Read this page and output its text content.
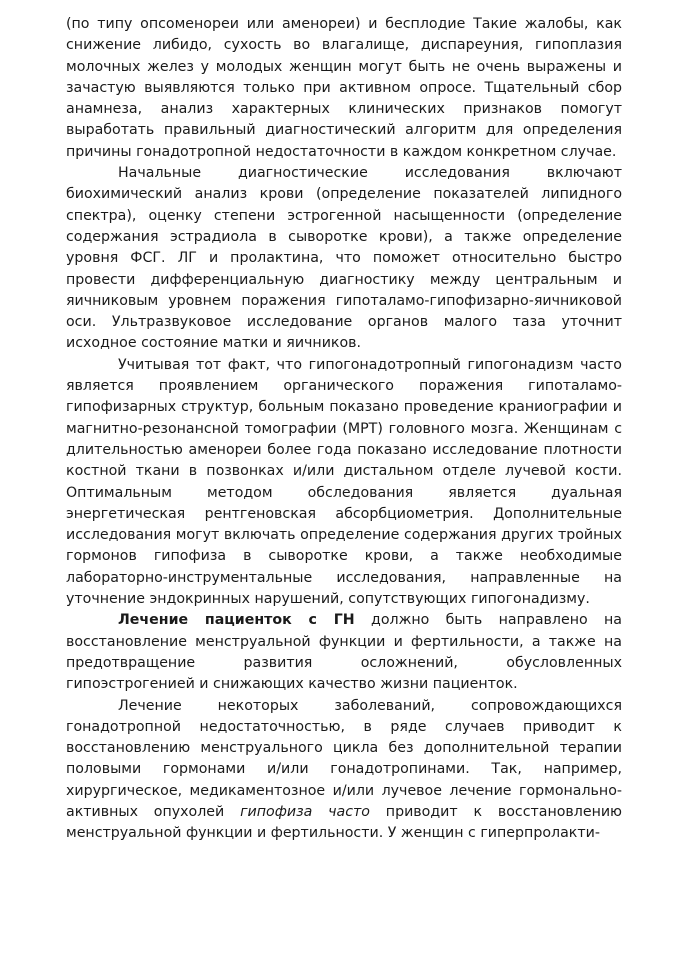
(по типу опсоменореи или аменореи) и бесплодие Такие жалобы, как снижение либидо, сухость во влагалище, диспареуния, гипоплазия молочных желез у молодых женщин могут быть не очень выражены и зачастую выявляются только при активном опросе. Тщательный сбор анамнеза, анализ характерных клинических признаков помогут выработать правильный диагностический алгоритм для определения причины гонадотропной недостаточности в каждом конкретном случае.

Начальные диагностические исследования включают биохимический анализ крови (определение показателей липидного спектра), оценку степени эстрогенной насыщенности (определение содержания эстрадиола в сыворотке крови), а также определение уровня ФСГ. ЛГ и пролактина, что поможет относительно быстро провести дифференциальную диагностику между центральным и яичниковым уровнем поражения гипоталамо-гипофизарно-яичниковой оси. Ультразвуковое исследование органов малого таза уточнит исходное состояние матки и яичников.

Учитывая тот факт, что гипогонадотропный гипогонадизм часто является проявлением органического поражения гипоталамо-гипофизарных структур, больным показано проведение краниографии и магнитно-резонансной томографии (МРТ) головного мозга. Женщинам с длительностью аменореи более года показано исследование плотности костной ткани в позвонках и/или дистальном отделе лучевой кости. Оптимальным методом обследования является дуальная энергетическая рентгеновская абсорбциометрия. Дополнительные исследования могут включать определение содержания других тройных гормонов гипофиза в сыворотке крови, а также необходимые лабораторно-инструментальные исследования, направленные на уточнение эндокринных нарушений, сопутствующих гипогонадизму.

Лечение пациенток с ГН должно быть направлено на восстановление менструальной функции и фертильности, а также на предотвращение развития осложнений, обусловленных гипоэстрогенией и снижающих качество жизни пациенток.

Лечение некоторых заболеваний, сопровождающихся гонадотропной недостаточностью, в ряде случаев приводит к восстановлению менструального цикла без дополнительной терапии половыми гормонами и/или гонадотропинами. Так, например, хирургическое, медикаментозное и/или лучевое лечение гормонально-активных опухолей гипофиза часто приводит к восстановлению менструальной функции и фертильности. У женщин с гиперпролакти-
